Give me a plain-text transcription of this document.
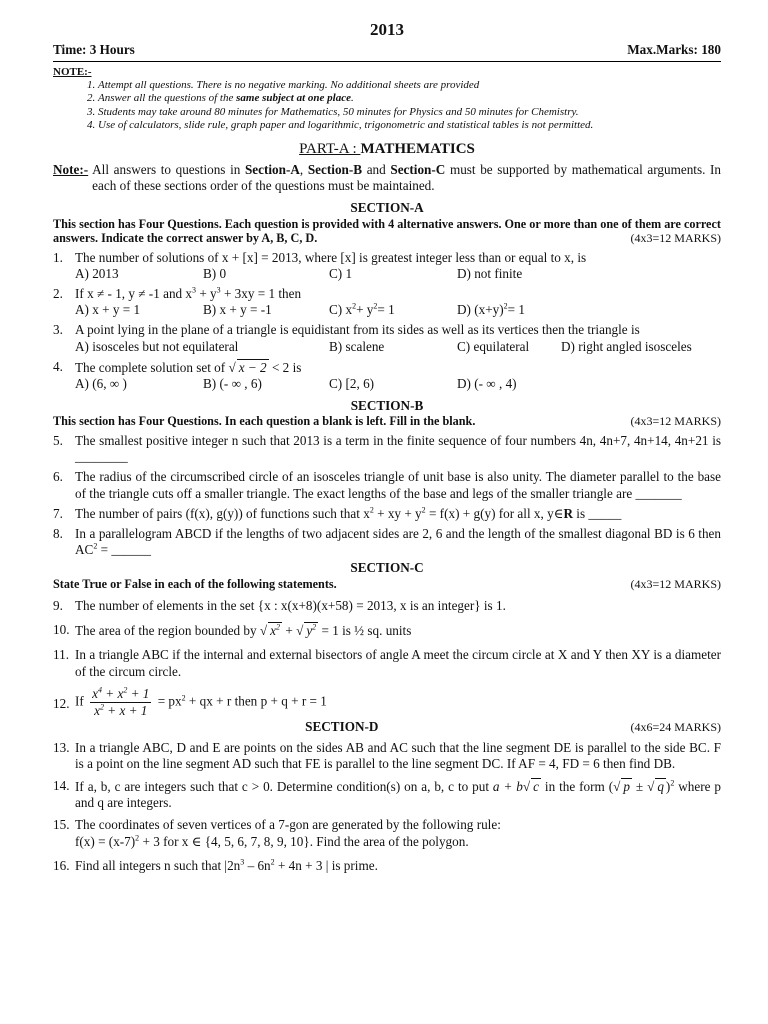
2013
Time: 3 Hours	Max.Marks: 180
NOTE:-
1. Attempt all questions. There is no negative marking. No additional sheets are provided
2. Answer all the questions of the same subject at one place.
3. Students may take around 80 minutes for Mathematics, 50 minutes for Physics and 50 minutes for Chemistry.
4. Use of calculators, slide rule, graph paper and logarithmic, trigonometric and statistical tables is not permitted.
PART-A : MATHEMATICS
Note:- All answers to questions in Section-A, Section-B and Section-C must be supported by mathematical arguments. In each of these sections order of the questions must be maintained.
SECTION-A
This section has Four Questions. Each question is provided with 4 alternative answers. One or more than one of them are correct answers. Indicate the correct answer by A, B, C, D.	(4x3=12 MARKS)
1. The number of solutions of x + [x] = 2013, where [x] is greatest integer less than or equal to x, is
A) 2013	B) 0	C) 1	D) not finite
2. If x ≠ - 1, y ≠ -1 and $x^3 + y^3 + 3xy = 1$ then
A) x + y = 1	B) x + y = -1	C) $x^2+ y^2= 1$	D) $(x+y)^2= 1$
3. A point lying in the plane of a triangle is equidistant from its sides as well as its vertices then the triangle is
A) isosceles but not equilateral	B) scalene	C) equilateral	D) right angled isosceles
4. The complete solution set of √ x − 2 < 2 is
A) (6, ∞ )	B) (- ∞ , 6)	C) [2, 6)	D) (- ∞ , 4)
SECTION-B
This section has Four Questions. In each question a blank is left. Fill in the blank.	(4x3=12 MARKS)
5. The smallest positive integer n such that 2013 is a term in the finite sequence of four numbers 4n, 4n+7, 4n+14, 4n+21 is ________
6. The radius of the circumscribed circle of an isosceles triangle of unit base is also unity. The diameter parallel to the base of the triangle cuts off a smaller triangle. The exact lengths of the base and legs of the smaller triangle are _______
7. The number of pairs (f(x), g(y)) of functions such that $x^2$ + xy + $y^2 = f(x) + g(y)$ for all x, y∈R is _____
8. In a parallelogram ABCD if the lengths of two adjacent sides are 2, 6 and the length of the smallest diagonal BD is 6 then $AC^2$ = ______
SECTION-C
State True or False in each of the following statements.	(4x3=12 MARKS)
9. The number of elements in the set {x : x(x+8)(x+58) = 2013, x is an integer} is 1.
10. The area of the region bounded by √ $x^2$ + √ $y^2 = 1$ is ½ sq. units
11. In a triangle ABC if the internal and external bisectors of angle A meet the circum circle at X and Y then XY is a diameter of the circum circle.
12. If $\frac{x^4 + x^2 + 1}{x^2 + x + 1} = px^2$ + qx + r then p + q + r = 1
SECTION-D	(4x6=24 MARKS)
13. In a triangle ABC, D and E are points on the sides AB and AC such that the line segment DE is parallel to the side BC. F is a point on the line segment AD such that FE is parallel to the line segment DC. If AF = 4, FD = 6 then find DB.
14. If a, b, c are integers such that c > 0. Determine condition(s) on a, b, c to put a + b√ c in the form (√ p ± √ q )$^2$ where p and q are integers.
15. The coordinates of seven vertices of a 7-gon are generated by the following rule:
$f(x) = (x-7)^2 + 3$ for x ∈ {4, 5, 6, 7, 8, 9, 10}. Find the area of the polygon.
16. Find all integers n such that $|2n^3 - 6n^2 + 4n + 3$ | is prime.
